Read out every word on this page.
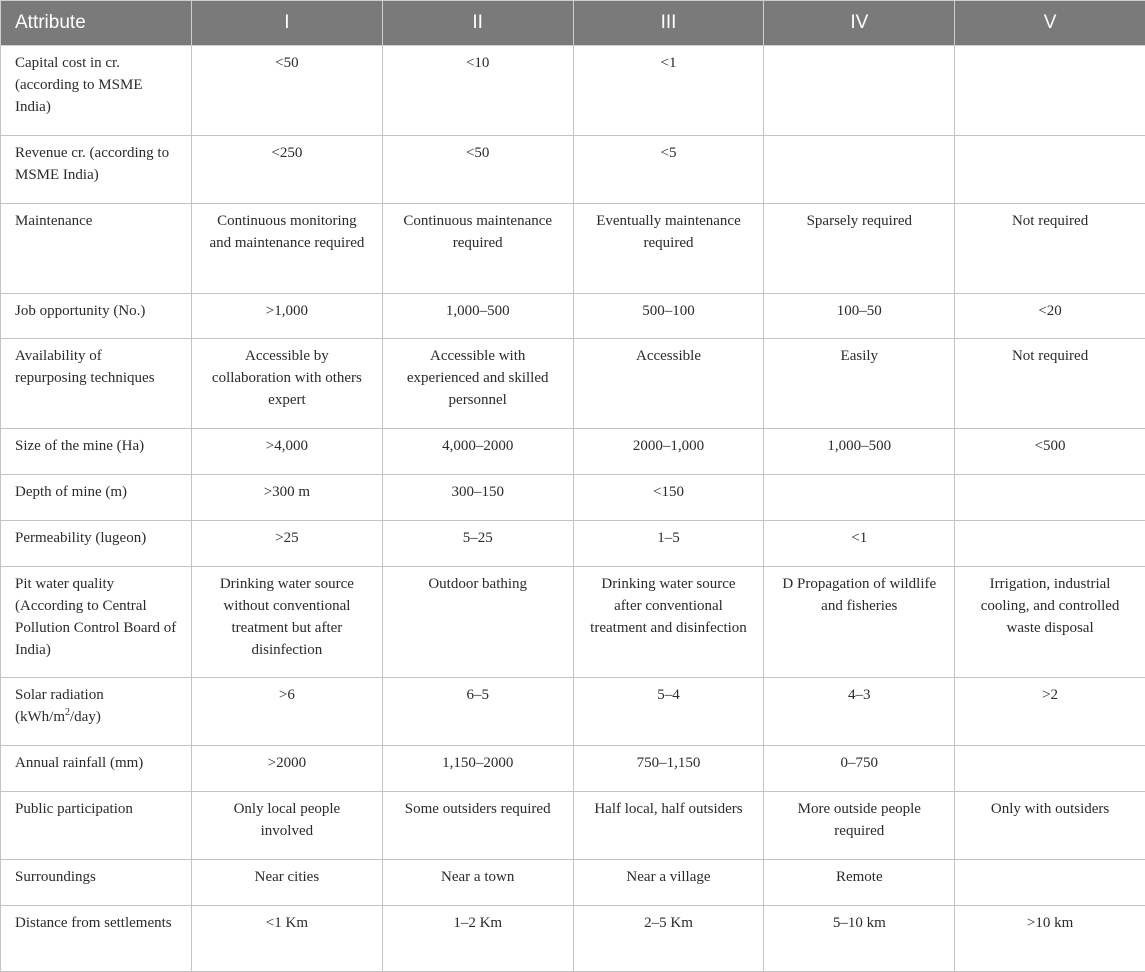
Attribute	I	II	III	IV	V
Capital cost in cr. (according to MSME India)	<50	<10	<1		
Revenue cr. (according to MSME India)	<250	<50	<5		
Maintenance	Continuous monitoring and maintenance required	Continuous maintenance required	Eventually maintenance required	Sparsely required	Not required
Job opportunity (No.)	>1,000	1,000–500	500–100	100–50	<20
Availability of repurposing techniques	Accessible by collaboration with others expert	Accessible with experienced and skilled personnel	Accessible	Easily	Not required
Size of the mine (Ha)	>4,000	4,000–2000	2000–1,000	1,000–500	<500
Depth of mine (m)	>300 m	300–150	<150		
Permeability (lugeon)	>25	5–25	1–5	<1	
Pit water quality (According to Central Pollution Control Board of India)	Drinking water source without conventional treatment but after disinfection	Outdoor bathing	Drinking water source after conventional treatment and disinfection	D Propagation of wildlife and fisheries	Irrigation, industrial cooling, and controlled waste disposal
Solar radiation $(kWh/m^2/day)$	>6	6–5	5–4	4–3	>2
Annual rainfall (mm)	>2000	1,150–2000	750–1,150	0–750	
Public participation	Only local people involved	Some outsiders required	Half local, half outsiders	More outside people required	Only with outsiders
Surroundings	Near cities	Near a town	Near a village	Remote	
Distance from settlements	<1 Km	1–2 Km	2–5 Km	5–10 km	>10 km
